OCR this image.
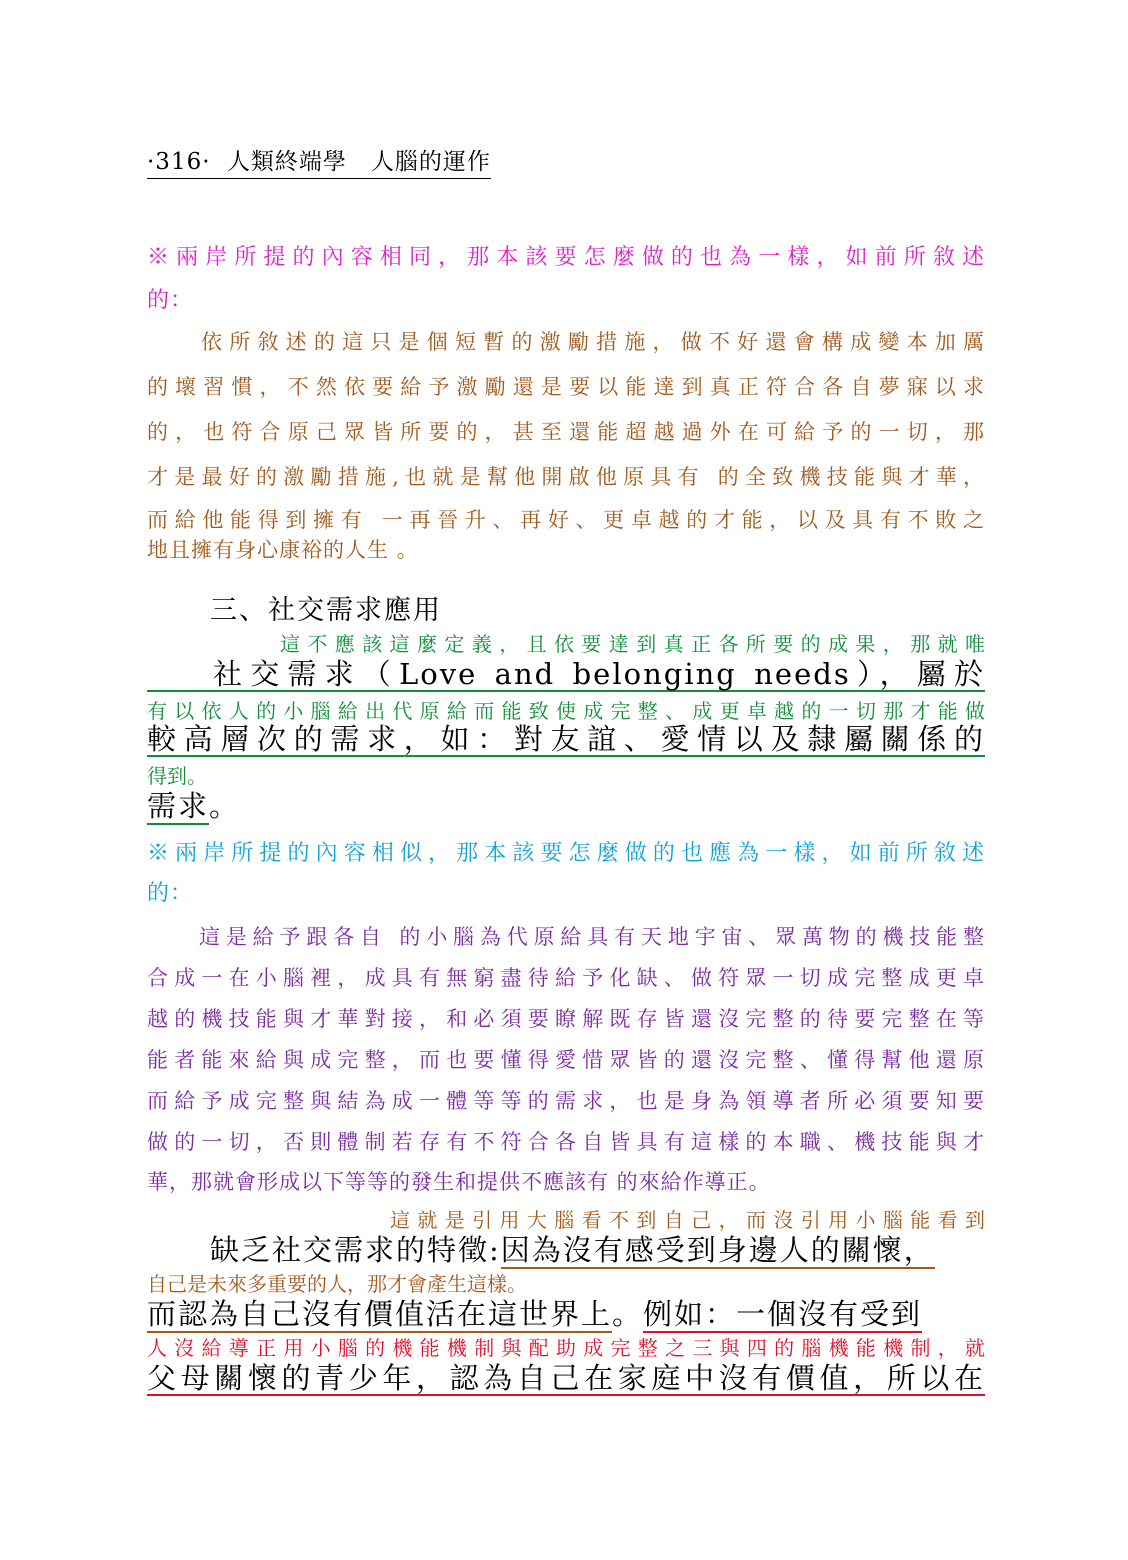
·316· 人類終端學　人腦的運作
※兩岸所提的內容相同，那本該要怎麼做的也為一樣，如前所敘述
的：
依所敘述的這只是個短暫的激勵措施，做不好還會構成變本加厲
的壞習慣，不然依要給予激勵還是要以能達到真正符合各自夢寐以求
的，也符合原己眾皆所要的，甚至還能超越過外在可給予的一切，那
才是最好的激勵措施,也就是幫他開啟他原具有 的全致機技能與才華，
而給他能得到擁有 一再晉升、再好、更卓越的才能，以及具有不敗之
地且擁有身心康裕的人生 。
三、社交需求應用
這不應該這麼定義，且依要達到真正各所要的成果，那就唯
社交需求（Love and belonging needs），屬於
有以依人的小腦給出代原給而能致使成完整、成更卓越的一切那才能做
較高層次的需求，如：對友誼、愛情以及隸屬關係的
得到。
需求。
※兩岸所提的內容相似，那本該要怎麼做的也應為一樣，如前所敘述
的：
這是給予跟各自 的小腦為代原給具有天地宇宙、眾萬物的機技能整
合成一在小腦裡，成具有無窮盡待給予化缺、做符眾一切成完整成更卓
越的機技能與才華對接，和必須要瞭解既存皆還沒完整的待要完整在等
能者能來給與成完整，而也要懂得愛惜眾皆的還沒完整、懂得幫他還原
而給予成完整與結為成一體等等的需求，也是身為領導者所必須要知要
做的一切，否則體制若存有不符合各自皆具有這樣的本職、機技能與才
華，那就會形成以下等等的發生和提供不應該有 的來給作導正。
這就是引用大腦看不到自己，而沒引用小腦能看到
缺乏社交需求的特徵:因為沒有感受到身邊人的關懷，
自己是未來多重要的人，那才會產生這樣。
而認為自己沒有價值活在這世界上。例如：一個沒有受到
人沒給導正用小腦的機能機制與配助成完整之三與四的腦機能機制，就
父母關懷的青少年，認為自己在家庭中沒有價值，所以在
